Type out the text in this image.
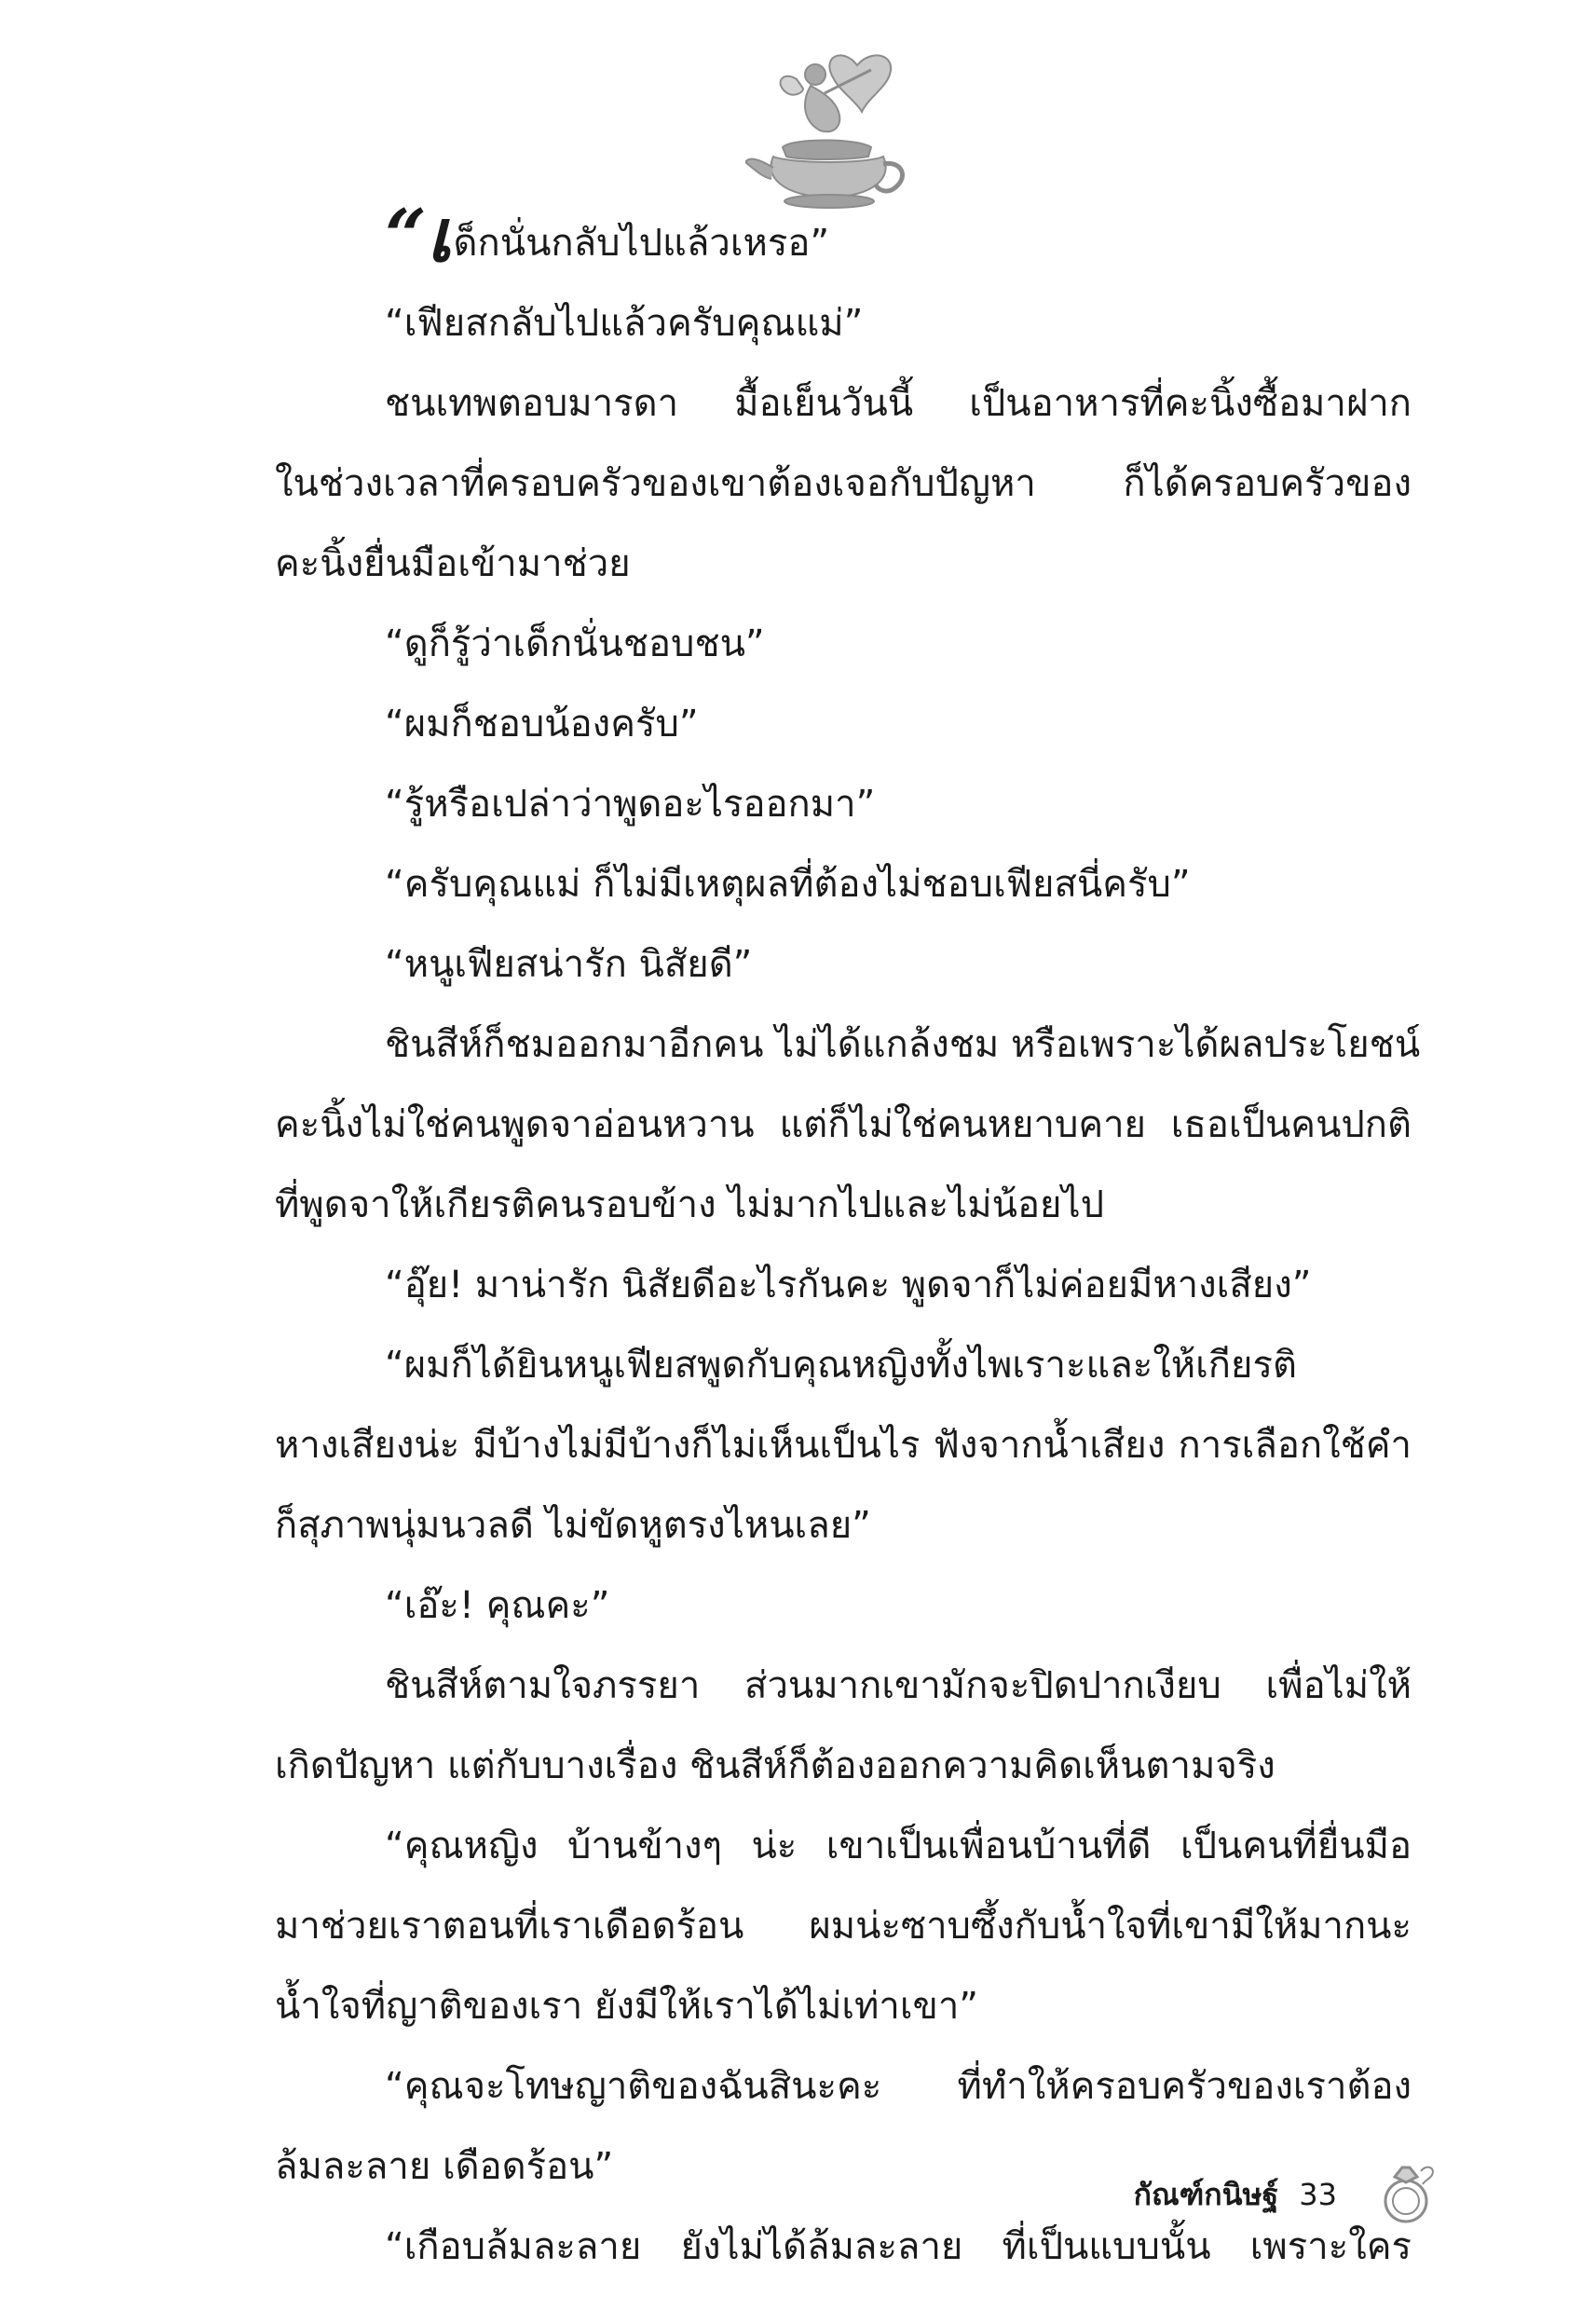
“เด็กนั่นกลับไปแล้วเหรอ”
“เฟียสกลับไปแล้วครับคุณแม่”
ชนเทพตอบมารดา มื้อเย็นวันนี้ เป็นอาหารที่คะนิ้งซื้อมาฝาก
ในช่วงเวลาที่ครอบครัวของเขาต้องเจอกับปัญหา ก็ได้ครอบครัวของ
คะนิ้งยื่นมือเข้ามาช่วย
“ดูก็รู้ว่าเด็กนั่นชอบชน”
“ผมก็ชอบน้องครับ”
“รู้หรือเปล่าว่าพูดอะไรออกมา”
“ครับคุณแม่ ก็ไม่มีเหตุผลที่ต้องไม่ชอบเฟียสนี่ครับ”
“หนูเฟียสน่ารัก นิสัยดี”
ชินสีห์ก็ชมออกมาอีกคน ไม่ได้แกล้งชม หรือเพราะได้ผลประโยชน์
คะนิ้งไม่ใช่คนพูดจาอ่อนหวาน แต่ก็ไม่ใช่คนหยาบคาย เธอเป็นคนปกติ
ที่พูดจาให้เกียรติคนรอบข้าง ไม่มากไปและไม่น้อยไป
“อุ๊ย! มาน่ารัก นิสัยดีอะไรกันคะ พูดจาก็ไม่ค่อยมีหางเสียง”
“ผมก็ได้ยินหนูเฟียสพูดกับคุณหญิงทั้งไพเราะและให้เกียรติ
หางเสียงน่ะ มีบ้างไม่มีบ้างก็ไม่เห็นเป็นไร ฟังจากน้ำเสียง การเลือกใช้คำ
ก็สุภาพนุ่มนวลดี ไม่ขัดหูตรงไหนเลย”
“เอ๊ะ! คุณคะ”
ชินสีห์ตามใจภรรยา ส่วนมากเขามักจะปิดปากเงียบ เพื่อไม่ให้
เกิดปัญหา แต่กับบางเรื่อง ชินสีห์ก็ต้องออกความคิดเห็นตามจริง
“คุณหญิง บ้านข้างๆ น่ะ เขาเป็นเพื่อนบ้านที่ดี เป็นคนที่ยื่นมือ
มาช่วยเราตอนที่เราเดือดร้อน ผมน่ะซาบซึ้งกับน้ำใจที่เขามีให้มากนะ
น้ำใจที่ญาติของเรา ยังมีให้เราได้ไม่เท่าเขา”
“คุณจะโทษญาติของฉันสินะคะ ที่ทำให้ครอบครัวของเราต้อง
ล้มละลาย เดือดร้อน”
“เกือบล้มละลาย ยังไม่ได้ล้มละลาย ที่เป็นแบบนั้น เพราะใคร
กัณฑ์กนิษฐ์ 33
